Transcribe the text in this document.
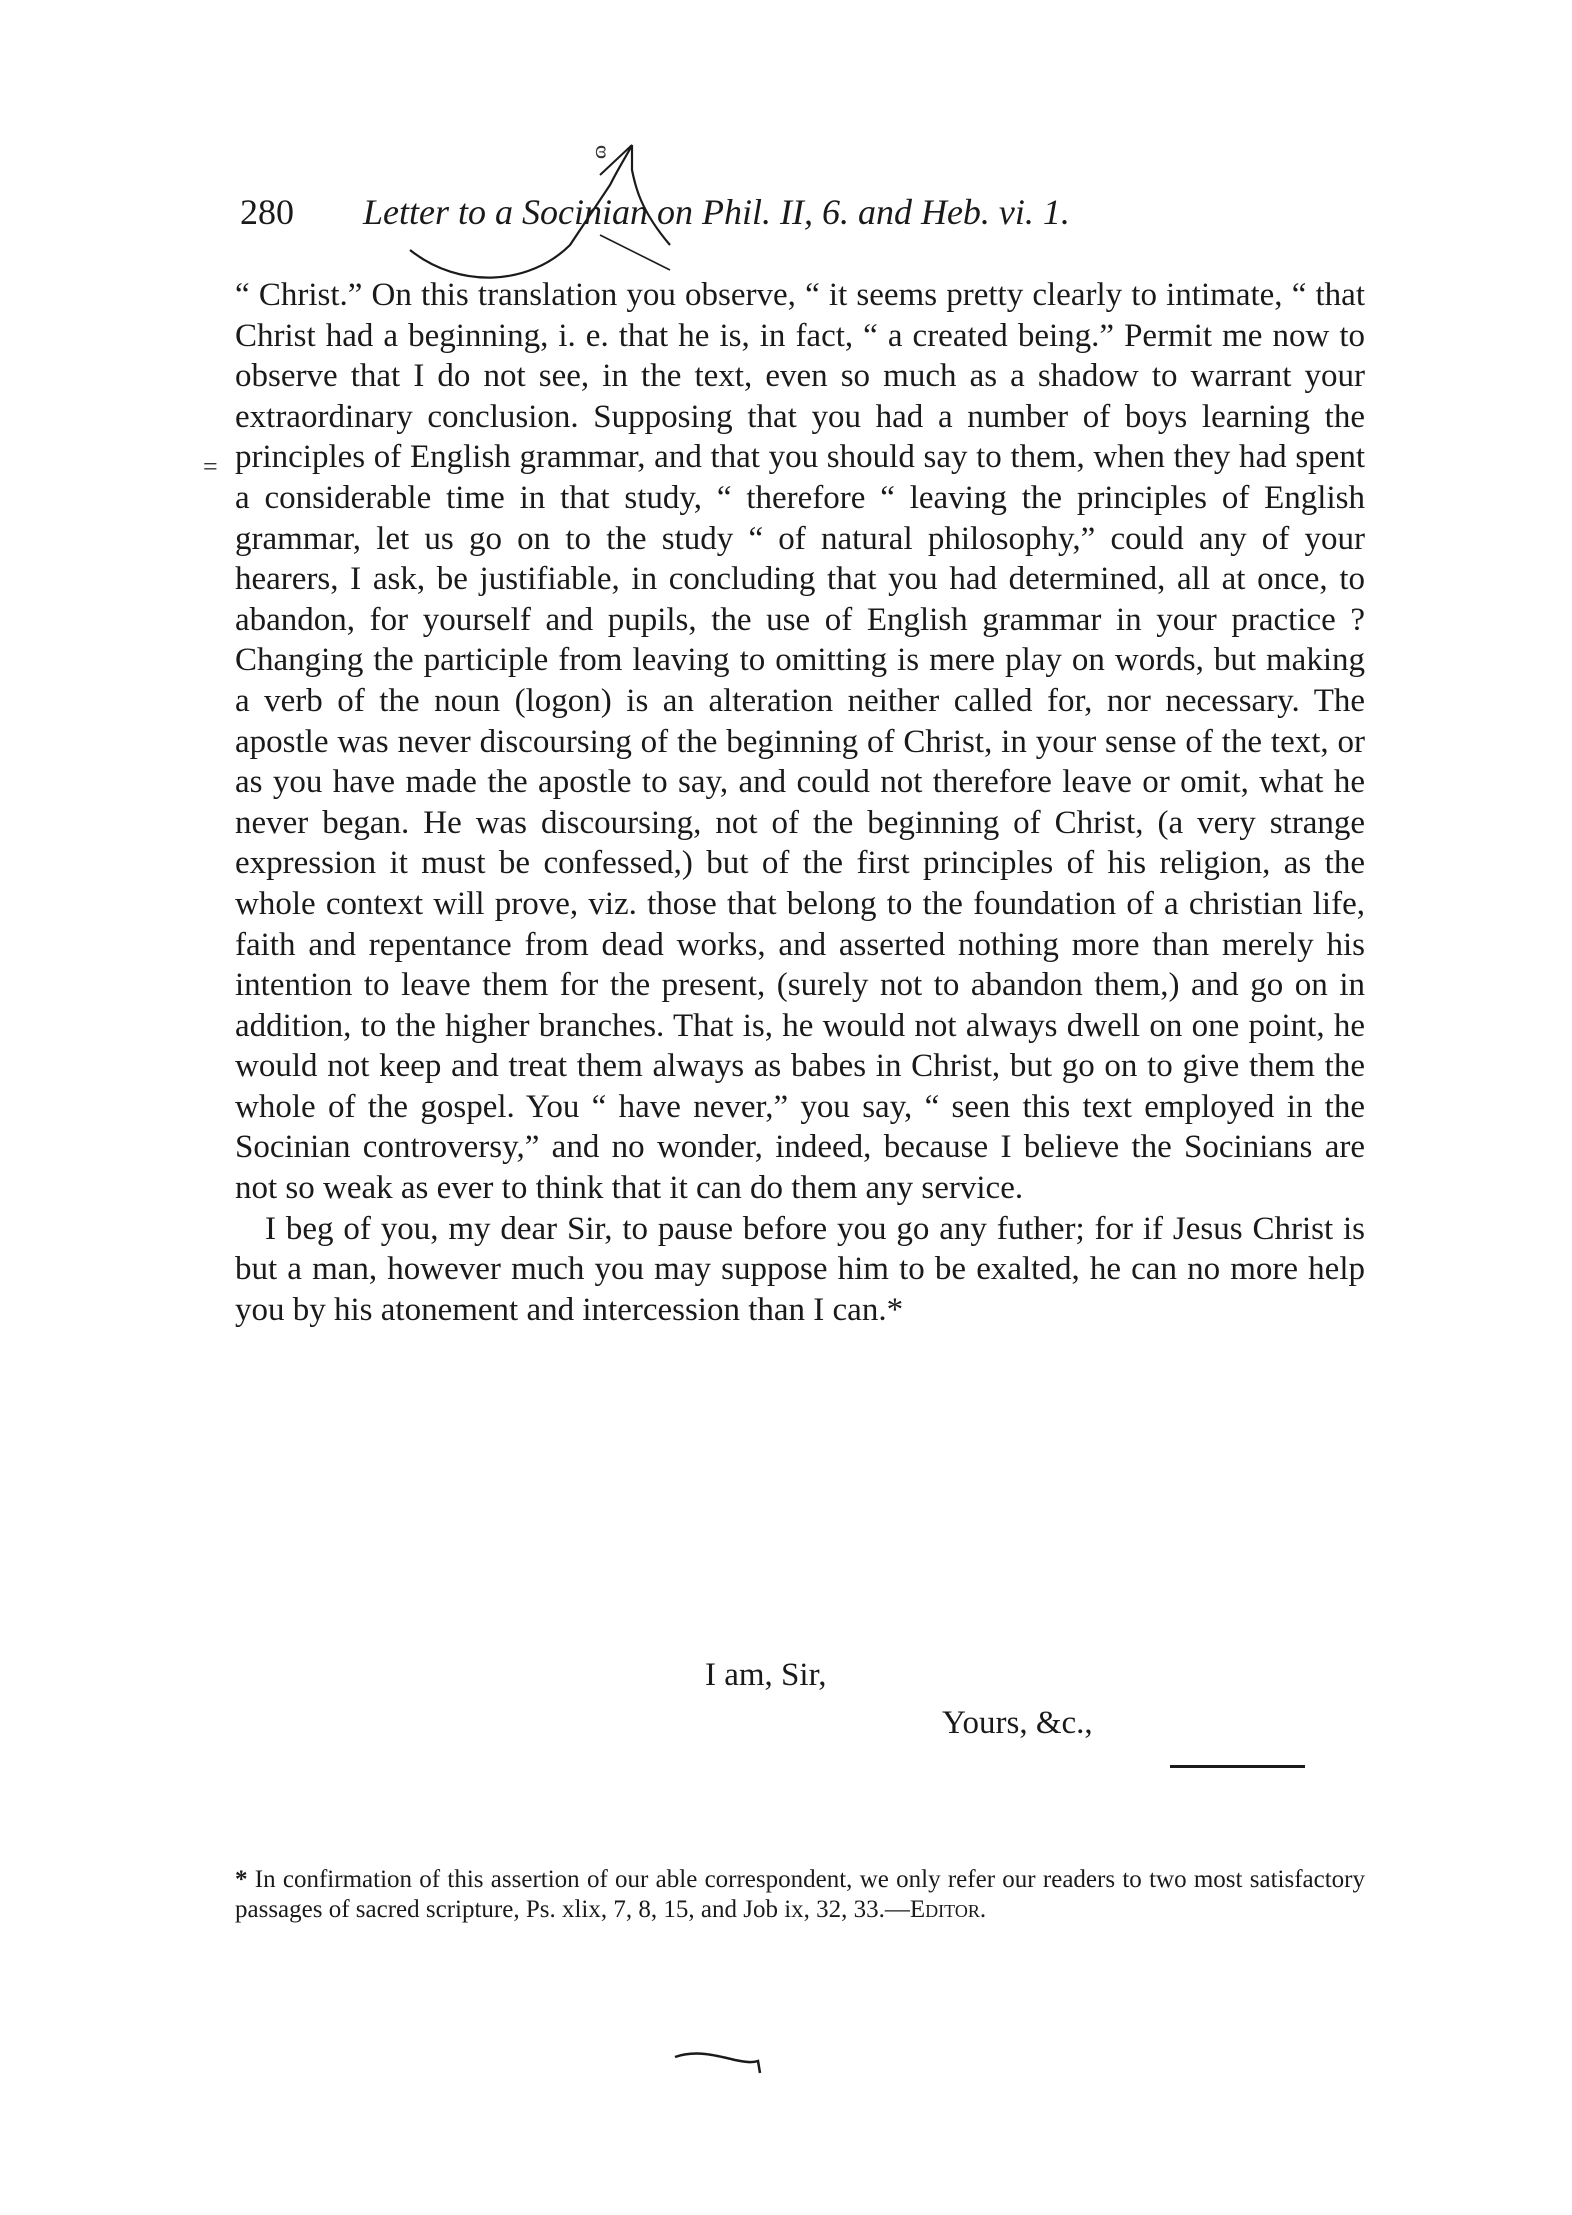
ɞ
280 Letter to a Socinian on Phil. II, 6. and Heb. vi. 1.
=

“ Christ.” On this translation you observe, “ it seems pretty clearly to intimate, “ that Christ had a beginning, i. e. that he is, in fact, “ a created being.” Permit me now to observe that I do not see, in the text, even so much as a shadow to warrant your extraordinary conclusion. Supposing that you had a number of boys learning the principles of English grammar, and that you should say to them, when they had spent a considerable time in that study, “ therefore “ leaving the principles of English grammar, let us go on to the study “ of natural philosophy,” could any of your hearers, I ask, be justifiable, in concluding that you had determined, all at once, to abandon, for yourself and pupils, the use of English grammar in your practice ? Changing the participle from leaving to omitting is mere play on words, but making a verb of the noun (logon) is an alteration neither called for, nor necessary. The apostle was never discoursing of the beginning of Christ, in your sense of the text, or as you have made the apostle to say, and could not therefore leave or omit, what he never began. He was discoursing, not of the beginning of Christ, (a very strange expression it must be confessed,) but of the first principles of his religion, as the whole context will prove, viz. those that belong to the foundation of a christian life, faith and repentance from dead works, and asserted nothing more than merely his intention to leave them for the present, (surely not to abandon them,) and go on in addition, to the higher branches. That is, he would not always dwell on one point, he would not keep and treat them always as babes in Christ, but go on to give them the whole of the gospel. You “ have never,” you say, “ seen this text employed in the Socinian controversy,” and no wonder, indeed, because I believe the Socinians are not so weak as ever to think that it can do them any service.

I beg of you, my dear Sir, to pause before you go any futher; for if Jesus Christ is but a man, however much you may suppose him to be exalted, he can no more help you by his atonement and intercession than I can.*

I am, Sir,
Yours, &c.,
* In confirmation of this assertion of our able correspondent, we only refer our readers to two most satisfactory passages of sacred scripture, Ps. xlix, 7, 8, 15, and Job ix, 32, 33.—Editor.
